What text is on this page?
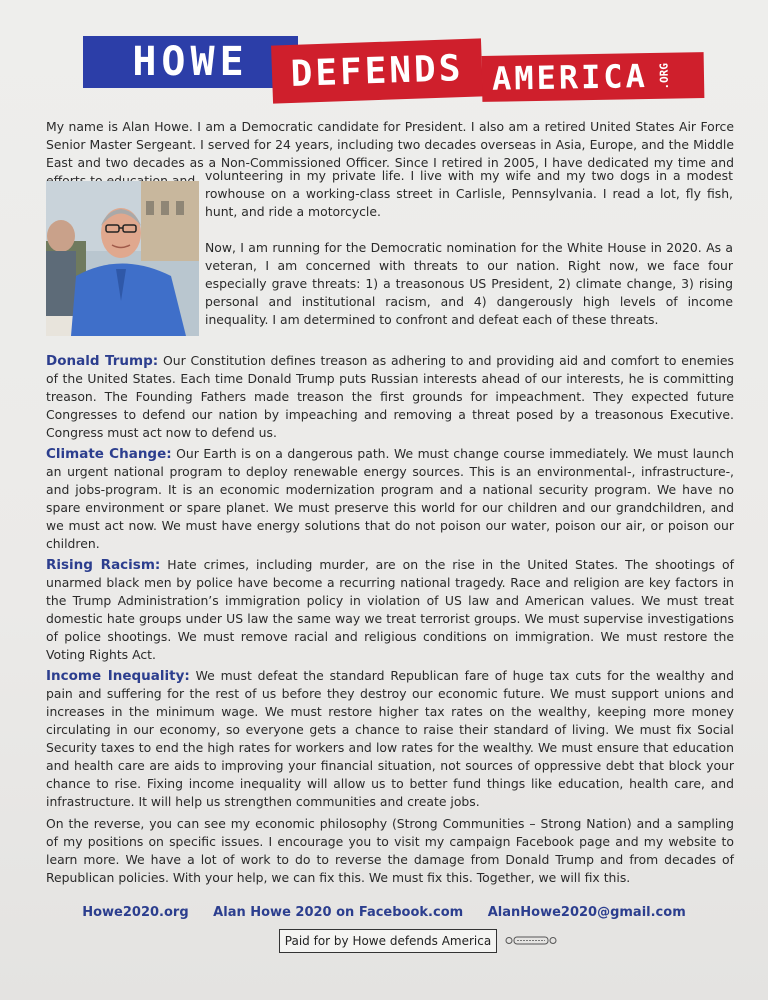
HOWE	DEFENDS AMERICA .ORG

My name is Alan Howe. I am a Democratic candidate for President. I also am a retired United States Air Force Senior Master Sergeant. I served for 24 years, including two decades overseas in Asia, Europe, and the Middle East and two decades as a Non-Commissioned Officer. Since I retired in 2005, I have dedicated my time and

volunteering in my private life. I live with my wife and my two dogs in a modest rowhouse on a working-class street in Carlisle, Pennsylvania. I read a lot, fly fish, hunt, and ride a motorcycle.

Now, I am running for the Democratic nomination for the White House in 2020. As a veteran, I am concerned with threats to our nation. Right now, we face four especially grave threats: 1) a treasonous US President, 2) climate change, 3) rising personal and institutional racism, and 4) dangerously high levels of income inequality. I am determined to confront and defeat each of these threats.

Donald Trump: Our Constitution defines treason as adhering to and providing aid and comfort to enemies of the United States. Each time Donald Trump puts Russian interests ahead of our interests, he is committing treason. The Founding Fathers made treason the first grounds for impeachment. They expected future Congresses to defend our nation by impeaching and removing a threat posed by a treasonous Executive. Congress must act now to defend us.

Climate Change: Our Earth is on a dangerous path. We must change course immediately. We must launch an urgent national program to deploy renewable energy sources. This is an environmental-, infrastructure-, and jobs-program. It is an economic modernization program and a national security program. We have no spare environment or spare planet. We must preserve this world for our children and our grandchildren, and we must act now. We must have energy solutions that do not poison our water, poison our air, or poison our children.

Rising Racism: Hate crimes, including murder, are on the rise in the United States. The shootings of unarmed black men by police have become a recurring national tragedy. Race and religion are key factors in the Trump Administration’s immigration policy in violation of US law and American values. We must treat domestic hate groups under US law the same way we treat terrorist groups. We must supervise investigations of police shootings. We must remove racial and religious conditions on immigration. We must restore the Voting Rights Act.

Income Inequality: We must defeat the standard Republican fare of huge tax cuts for the wealthy and pain and suffering for the rest of us before they destroy our economic future. We must support unions and increases in the minimum wage. We must restore higher tax rates on the wealthy, keeping more money circulating in our economy, so everyone gets a chance to raise their standard of living. We must fix Social Security taxes to end the high rates for workers and low rates for the wealthy. We must ensure that education and health care are aids to improving your financial situation, not sources of oppressive debt that block your chance to rise. Fixing income inequality will allow us to better fund things like education, health care, and infrastructure. It will help us strengthen communities and create jobs.

On the reverse, you can see my economic philosophy (Strong Communities – Strong Nation) and a sampling of my positions on specific issues. I encourage you to visit my campaign Facebook page and my website to learn more. We have a lot of work to do to reverse the damage from Donald Trump and from decades of Republican policies. With your help, we can fix this. We must fix this. Together, we will fix this.

Howe2020.org Alan Howe 2020 on Facebook.com AlanHowe2020@gmail.com
Paid for by Howe defends America
